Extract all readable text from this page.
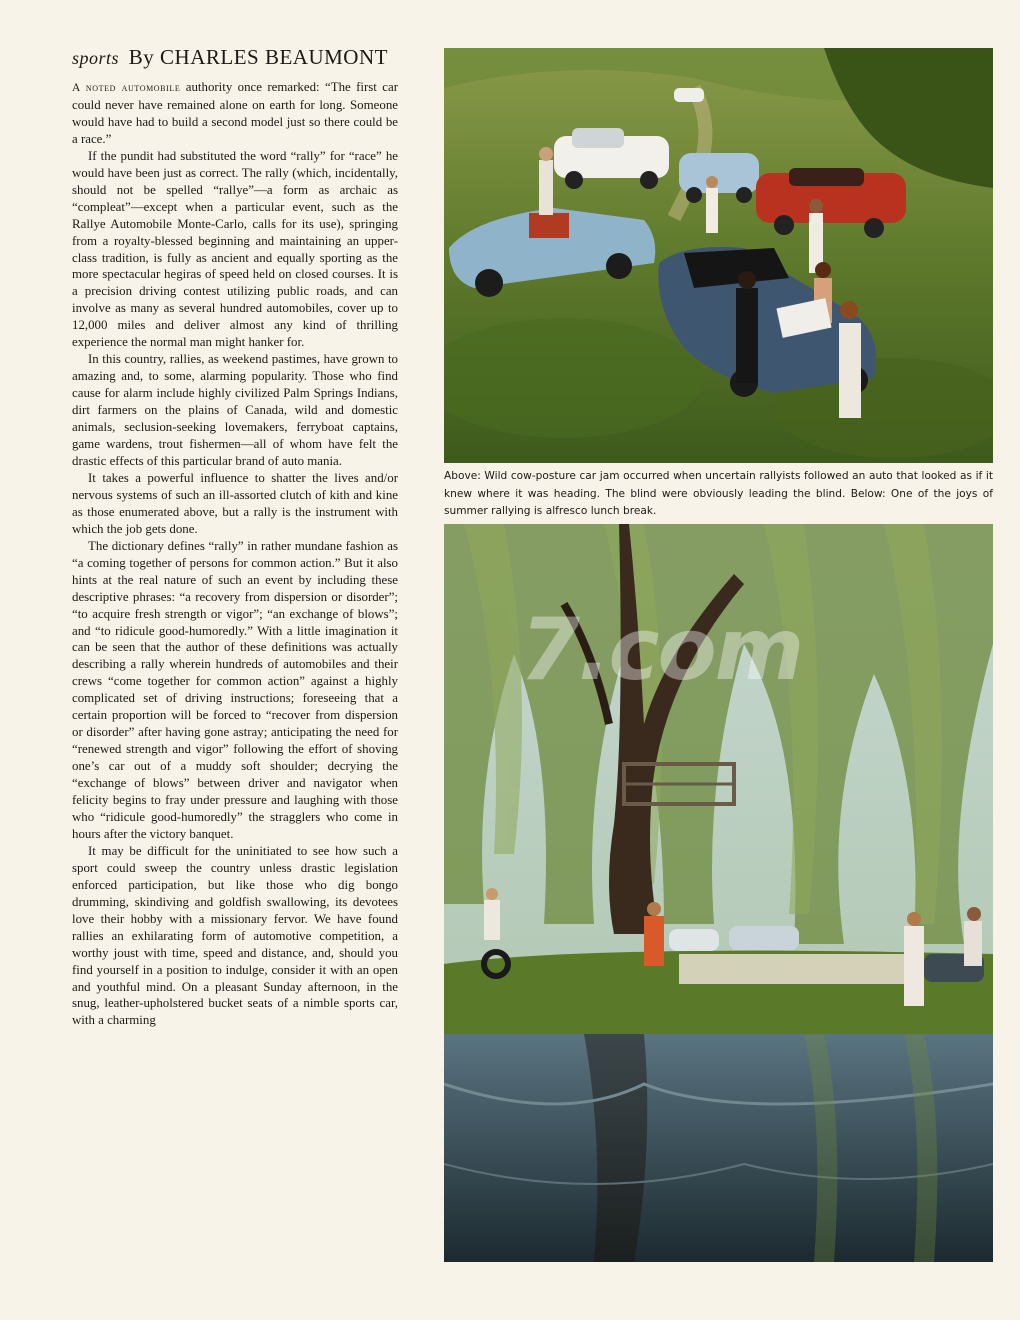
sports By CHARLES BEAUMONT

A noted automobile authority once remarked: “The first car could never have remained alone on earth for long. Someone would have had to build a second model just so there could be a race.”

If the pundit had substituted the word “rally” for “race” he would have been just as correct. The rally (which, incidentally, should not be spelled “rallye”—a form as archaic as “compleat”—except when a particular event, such as the Rallye Automobile Monte-Carlo, calls for its use), springing from a royalty-blessed beginning and maintaining an upper-class tradition, is fully as ancient and equally sporting as the more spectacular hegiras of speed held on closed courses. It is a precision driving contest utilizing public roads, and can involve as many as several hundred automobiles, cover up to 12,000 miles and deliver almost any kind of thrilling experience the normal man might hanker for.

In this country, rallies, as weekend pastimes, have grown to amazing and, to some, alarming popularity. Those who find cause for alarm include highly civilized Palm Springs Indians, dirt farmers on the plains of Canada, wild and domestic animals, seclusion-seeking lovemakers, ferryboat captains, game wardens, trout fishermen—all of whom have felt the drastic effects of this particular brand of auto mania.

It takes a powerful influence to shatter the lives and/or nervous systems of such an ill-assorted clutch of kith and kine as those enumerated above, but a rally is the instrument with which the job gets done.

The dictionary defines “rally” in rather mundane fashion as “a coming together of persons for common action.” But it also hints at the real nature of such an event by including these descriptive phrases: “a recovery from dispersion or disorder”; “to acquire fresh strength or vigor”; “an exchange of blows”; and “to ridicule good-humoredly.” With a little imagination it can be seen that the author of these definitions was actually describing a rally wherein hundreds of automobiles and their crews “come together for common action” against a highly complicated set of driving instructions; foreseeing that a certain proportion will be forced to “recover from dispersion or disorder” after having gone astray; anticipating the need for “renewed strength and vigor” following the effort of shoving one’s car out of a muddy soft shoulder; decrying the “exchange of blows” between driver and navigator when felicity begins to fray under pressure and laughing with those who “ridicule good-humoredly” the stragglers who come in hours after the victory banquet.

It may be difficult for the uninitiated to see how such a sport could sweep the country unless drastic legislation enforced participation, but like those who dig bongo drumming, skindiving and goldfish swallowing, its devotees love their hobby with a missionary fervor. We have found rallies an exhilarating form of automotive competition, a worthy joust with time, speed and distance, and, should you find yourself in a position to indulge, consider it with an open and youthful mind. On a pleasant Sunday afternoon, in the snug, leather-upholstered bucket seats of a nimble sports car, with a charming

Above: Wild cow-posture car jam occurred when uncertain rallyists followed an auto that looked as if it knew where it was heading. The blind were obviously leading the blind. Below: One of the joys of summer rallying is alfresco lunch break.
7.com
